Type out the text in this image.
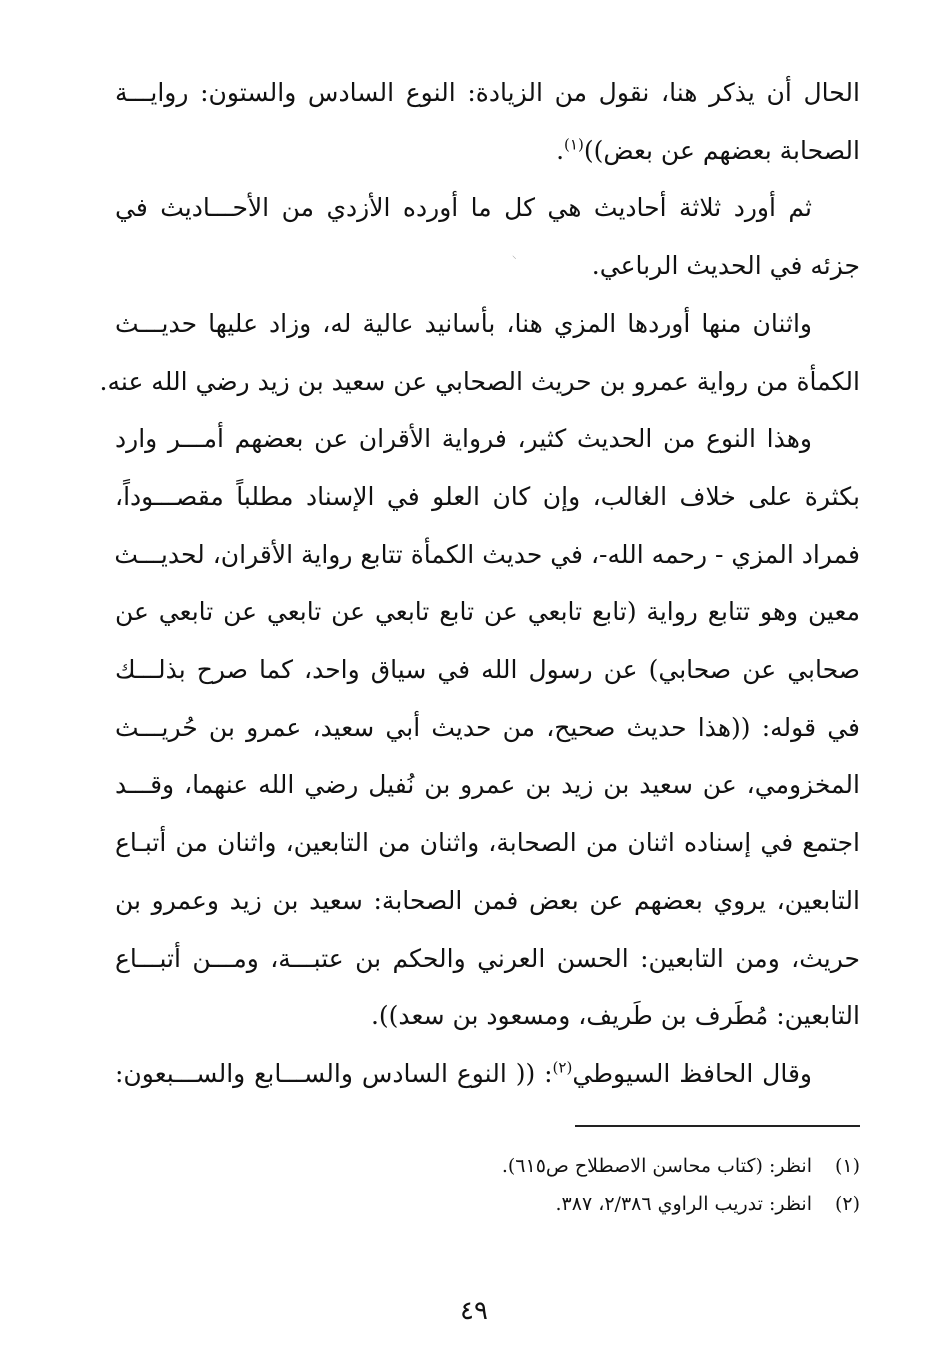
الحال أن يذكر هنا، نقول من الزيادة: النوع السادس والستون: روايـــة
الصحابة بعضهم عن بعض))$^{(١)}$.

ثم أورد ثلاثة أحاديث هي كل ما أورده الأزدي من الأحـــاديث في
جزئه في الحديث الرباعي.

واثنان منها أوردها المزي هنا، بأسانيد عالية له، وزاد عليها حديـــث
الكمأة من رواية عمرو بن حريث الصحابي عن سعيد بن زيد رضي الله عنه.

وهذا النوع من الحديث كثير، فرواية الأقران عن بعضهم أمـــر وارد
بكثرة على خلاف الغالب، وإن كان العلو في الإسناد مطلباً مقصـــوداً،
فمراد المزي - رحمه الله-، في حديث الكمأة تتابع رواية الأقران، لحديـــث
معين وهو تتابع رواية (تابع تابعي عن تابع تابعي عن تابعي عن تابعي عن
صحابي عن صحابي) عن رسول الله في سياق واحد، كما صرح بذلـــك
في قوله: ((هذا حديث صحيح، من حديث أبي سعيد، عمرو بن حُريـــث
المخزومي، عن سعيد بن زيد بن عمرو بن نُفيل رضي الله عنهما، وقـــد
اجتمع في إسناده اثنان من الصحابة، واثنان من التابعين، واثنان من أتبـاع
التابعين، يروي بعضهم عن بعض فمن الصحابة: سعيد بن زيد وعمرو بن
حريث، ومن التابعين: الحسن العرني والحكم بن عتبـــة، ومـــن أتبـــاع
التابعين: مُطَرف بن طَريف، ومسعود بن سعد)).

وقال الحافظ السيوطي$^{(٢)}$: (( النوع السادس والســـابع والســـبعون:

⸌
(١)انظر: (كتاب محاسن الاصطلاح ص٦١٥).
(٢)انظر: تدريب الراوي ٢/٣٨٦، ٣٨٧.
٤٩
